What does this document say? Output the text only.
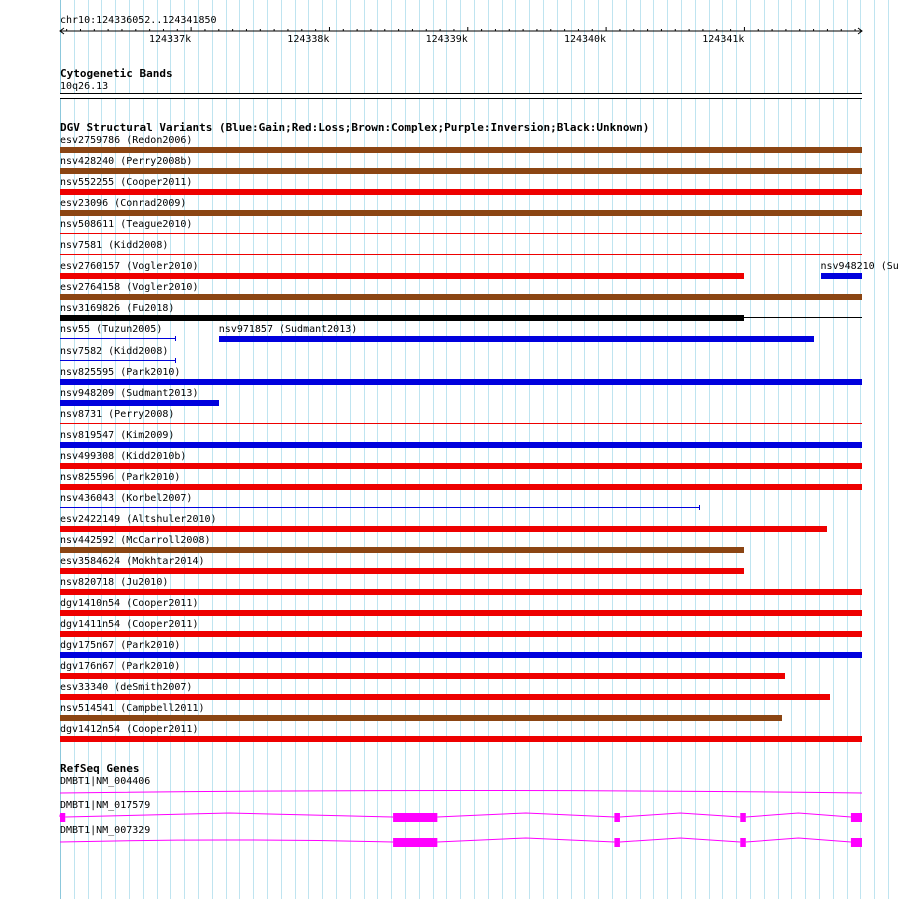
chr10:124336052..124341850
124337k	124338k	124339k	124340k	124341k
Cytogenetic Bands
10q26.13
DGV Structural Variants (Blue:Gain;Red:Loss;Brown:Complex;Purple:Inversion;Black:Unknown)
esv2759786 (Redon2006)
nsv428240 (Perry2008b)
nsv552255 (Cooper2011)
esv23096 (Conrad2009)
nsv508611 (Teague2010)
nsv7581 (Kidd2008)
esv2760157 (Vogler2010)	nsv948210 (Su
esv2764158 (Vogler2010)
nsv3169826 (Fu2018)
nsv55 (Tuzun2005)	nsv971857 (Sudmant2013)
nsv7582 (Kidd2008)
nsv825595 (Park2010)
nsv948209 (Sudmant2013)
nsv8731 (Perry2008)
nsv819547 (Kim2009)
nsv499308 (Kidd2010b)
nsv825596 (Park2010)
nsv436043 (Korbel2007)
esv2422149 (Altshuler2010)
nsv442592 (McCarroll2008)
esv3584624 (Mokhtar2014)
nsv820718 (Ju2010)
dgv1410n54 (Cooper2011)
dgv1411n54 (Cooper2011)
dgv175n67 (Park2010)
dgv176n67 (Park2010)
esv33340 (deSmith2007)
nsv514541 (Campbell2011)
dgv1412n54 (Cooper2011)
RefSeq Genes
DMBT1|NM_004406
DMBT1|NM_017579
DMBT1|NM_007329
